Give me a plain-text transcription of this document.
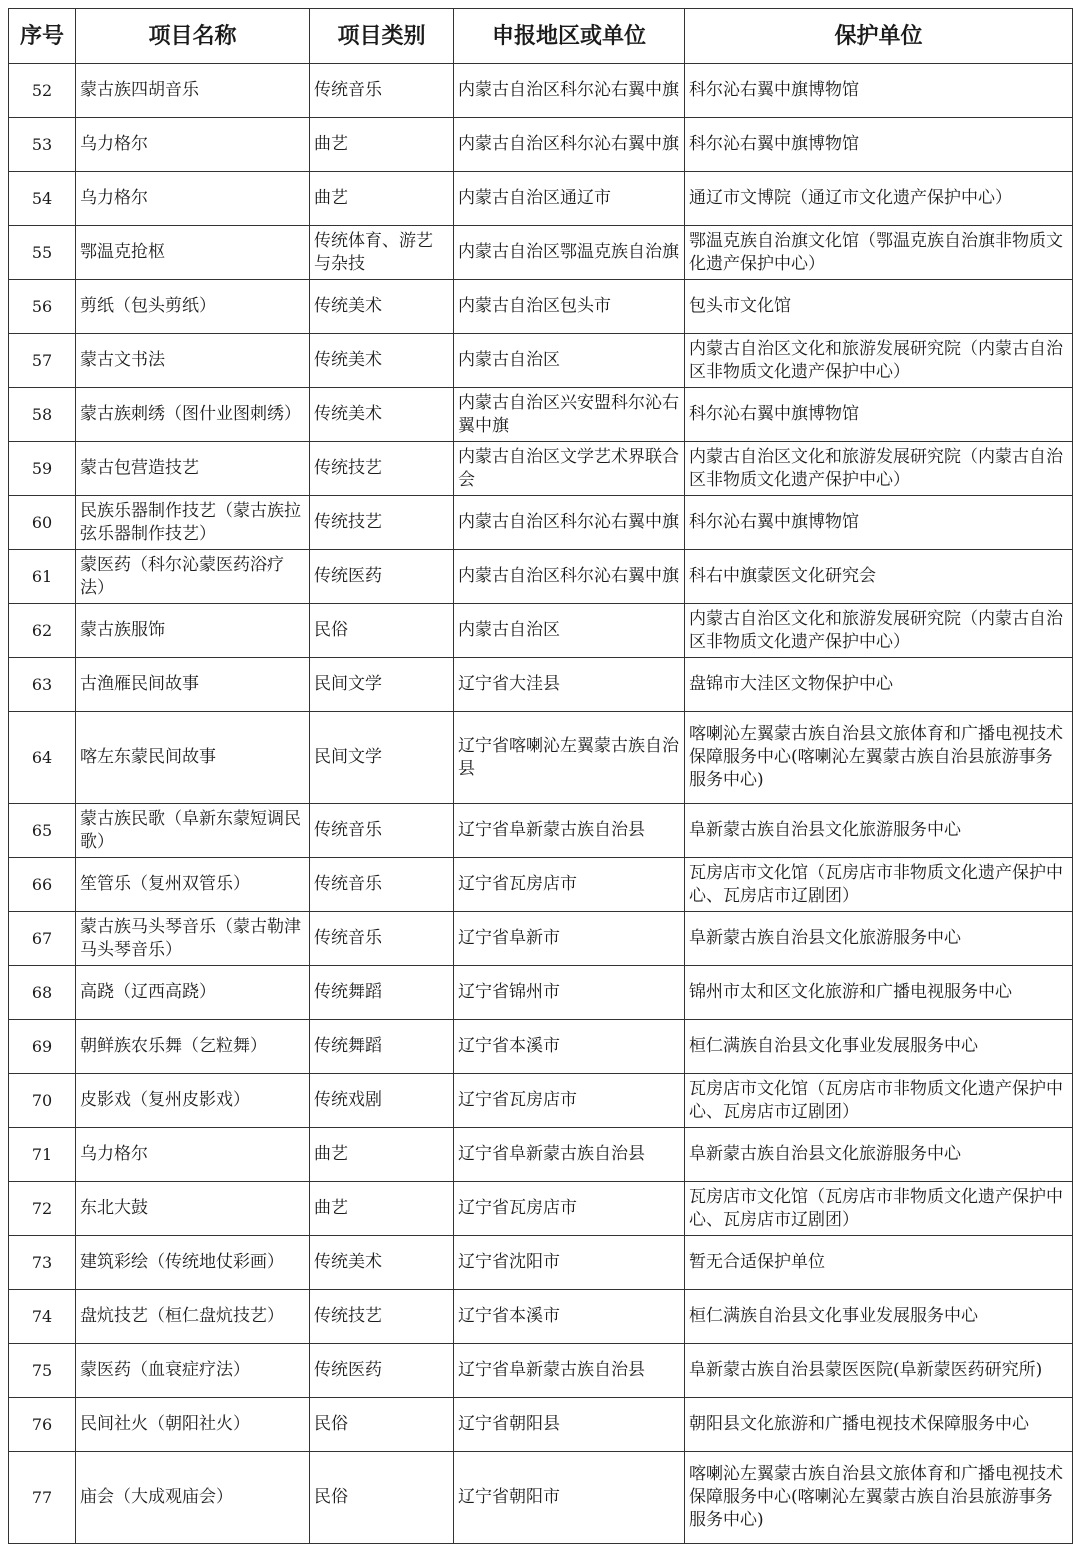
序号	项目名称	项目类别	申报地区或单位	保护单位
52	蒙古族四胡音乐	传统音乐	内蒙古自治区科尔沁右翼中旗	科尔沁右翼中旗博物馆
53	乌力格尔	曲艺	内蒙古自治区科尔沁右翼中旗	科尔沁右翼中旗博物馆
54	乌力格尔	曲艺	内蒙古自治区通辽市	通辽市文博院（通辽市文化遗产保护中心）
55	鄂温克抢枢	传统体育、游艺与杂技	内蒙古自治区鄂温克族自治旗	鄂温克族自治旗文化馆（鄂温克族自治旗非物质文化遗产保护中心）
56	剪纸（包头剪纸）	传统美术	内蒙古自治区包头市	包头市文化馆
57	蒙古文书法	传统美术	内蒙古自治区	内蒙古自治区文化和旅游发展研究院（内蒙古自治区非物质文化遗产保护中心）
58	蒙古族刺绣（图什业图刺绣）	传统美术	内蒙古自治区兴安盟科尔沁右翼中旗	科尔沁右翼中旗博物馆
59	蒙古包营造技艺	传统技艺	内蒙古自治区文学艺术界联合会	内蒙古自治区文化和旅游发展研究院（内蒙古自治区非物质文化遗产保护中心）
60	民族乐器制作技艺（蒙古族拉弦乐器制作技艺）	传统技艺	内蒙古自治区科尔沁右翼中旗	科尔沁右翼中旗博物馆
61	蒙医药（科尔沁蒙医药浴疗法）	传统医药	内蒙古自治区科尔沁右翼中旗	科右中旗蒙医文化研究会
62	蒙古族服饰	民俗	内蒙古自治区	内蒙古自治区文化和旅游发展研究院（内蒙古自治区非物质文化遗产保护中心）
63	古渔雁民间故事	民间文学	辽宁省大洼县	盘锦市大洼区文物保护中心
64	喀左东蒙民间故事	民间文学	辽宁省喀喇沁左翼蒙古族自治县	喀喇沁左翼蒙古族自治县文旅体育和广播电视技术保障服务中心(喀喇沁左翼蒙古族自治县旅游事务服务中心)
65	蒙古族民歌（阜新东蒙短调民歌）	传统音乐	辽宁省阜新蒙古族自治县	阜新蒙古族自治县文化旅游服务中心
66	笙管乐（复州双管乐）	传统音乐	辽宁省瓦房店市	瓦房店市文化馆（瓦房店市非物质文化遗产保护中心、瓦房店市辽剧团）
67	蒙古族马头琴音乐（蒙古勒津马头琴音乐）	传统音乐	辽宁省阜新市	阜新蒙古族自治县文化旅游服务中心
68	高跷（辽西高跷）	传统舞蹈	辽宁省锦州市	锦州市太和区文化旅游和广播电视服务中心
69	朝鲜族农乐舞（乞粒舞）	传统舞蹈	辽宁省本溪市	桓仁满族自治县文化事业发展服务中心
70	皮影戏（复州皮影戏）	传统戏剧	辽宁省瓦房店市	瓦房店市文化馆（瓦房店市非物质文化遗产保护中心、瓦房店市辽剧团）
71	乌力格尔	曲艺	辽宁省阜新蒙古族自治县	阜新蒙古族自治县文化旅游服务中心
72	东北大鼓	曲艺	辽宁省瓦房店市	瓦房店市文化馆（瓦房店市非物质文化遗产保护中心、瓦房店市辽剧团）
73	建筑彩绘（传统地仗彩画）	传统美术	辽宁省沈阳市	暂无合适保护单位
74	盘炕技艺（桓仁盘炕技艺）	传统技艺	辽宁省本溪市	桓仁满族自治县文化事业发展服务中心
75	蒙医药（血衰症疗法）	传统医药	辽宁省阜新蒙古族自治县	阜新蒙古族自治县蒙医医院(阜新蒙医药研究所)
76	民间社火（朝阳社火）	民俗	辽宁省朝阳县	朝阳县文化旅游和广播电视技术保障服务中心
77	庙会（大成观庙会）	民俗	辽宁省朝阳市	喀喇沁左翼蒙古族自治县文旅体育和广播电视技术保障服务中心(喀喇沁左翼蒙古族自治县旅游事务服务中心)
